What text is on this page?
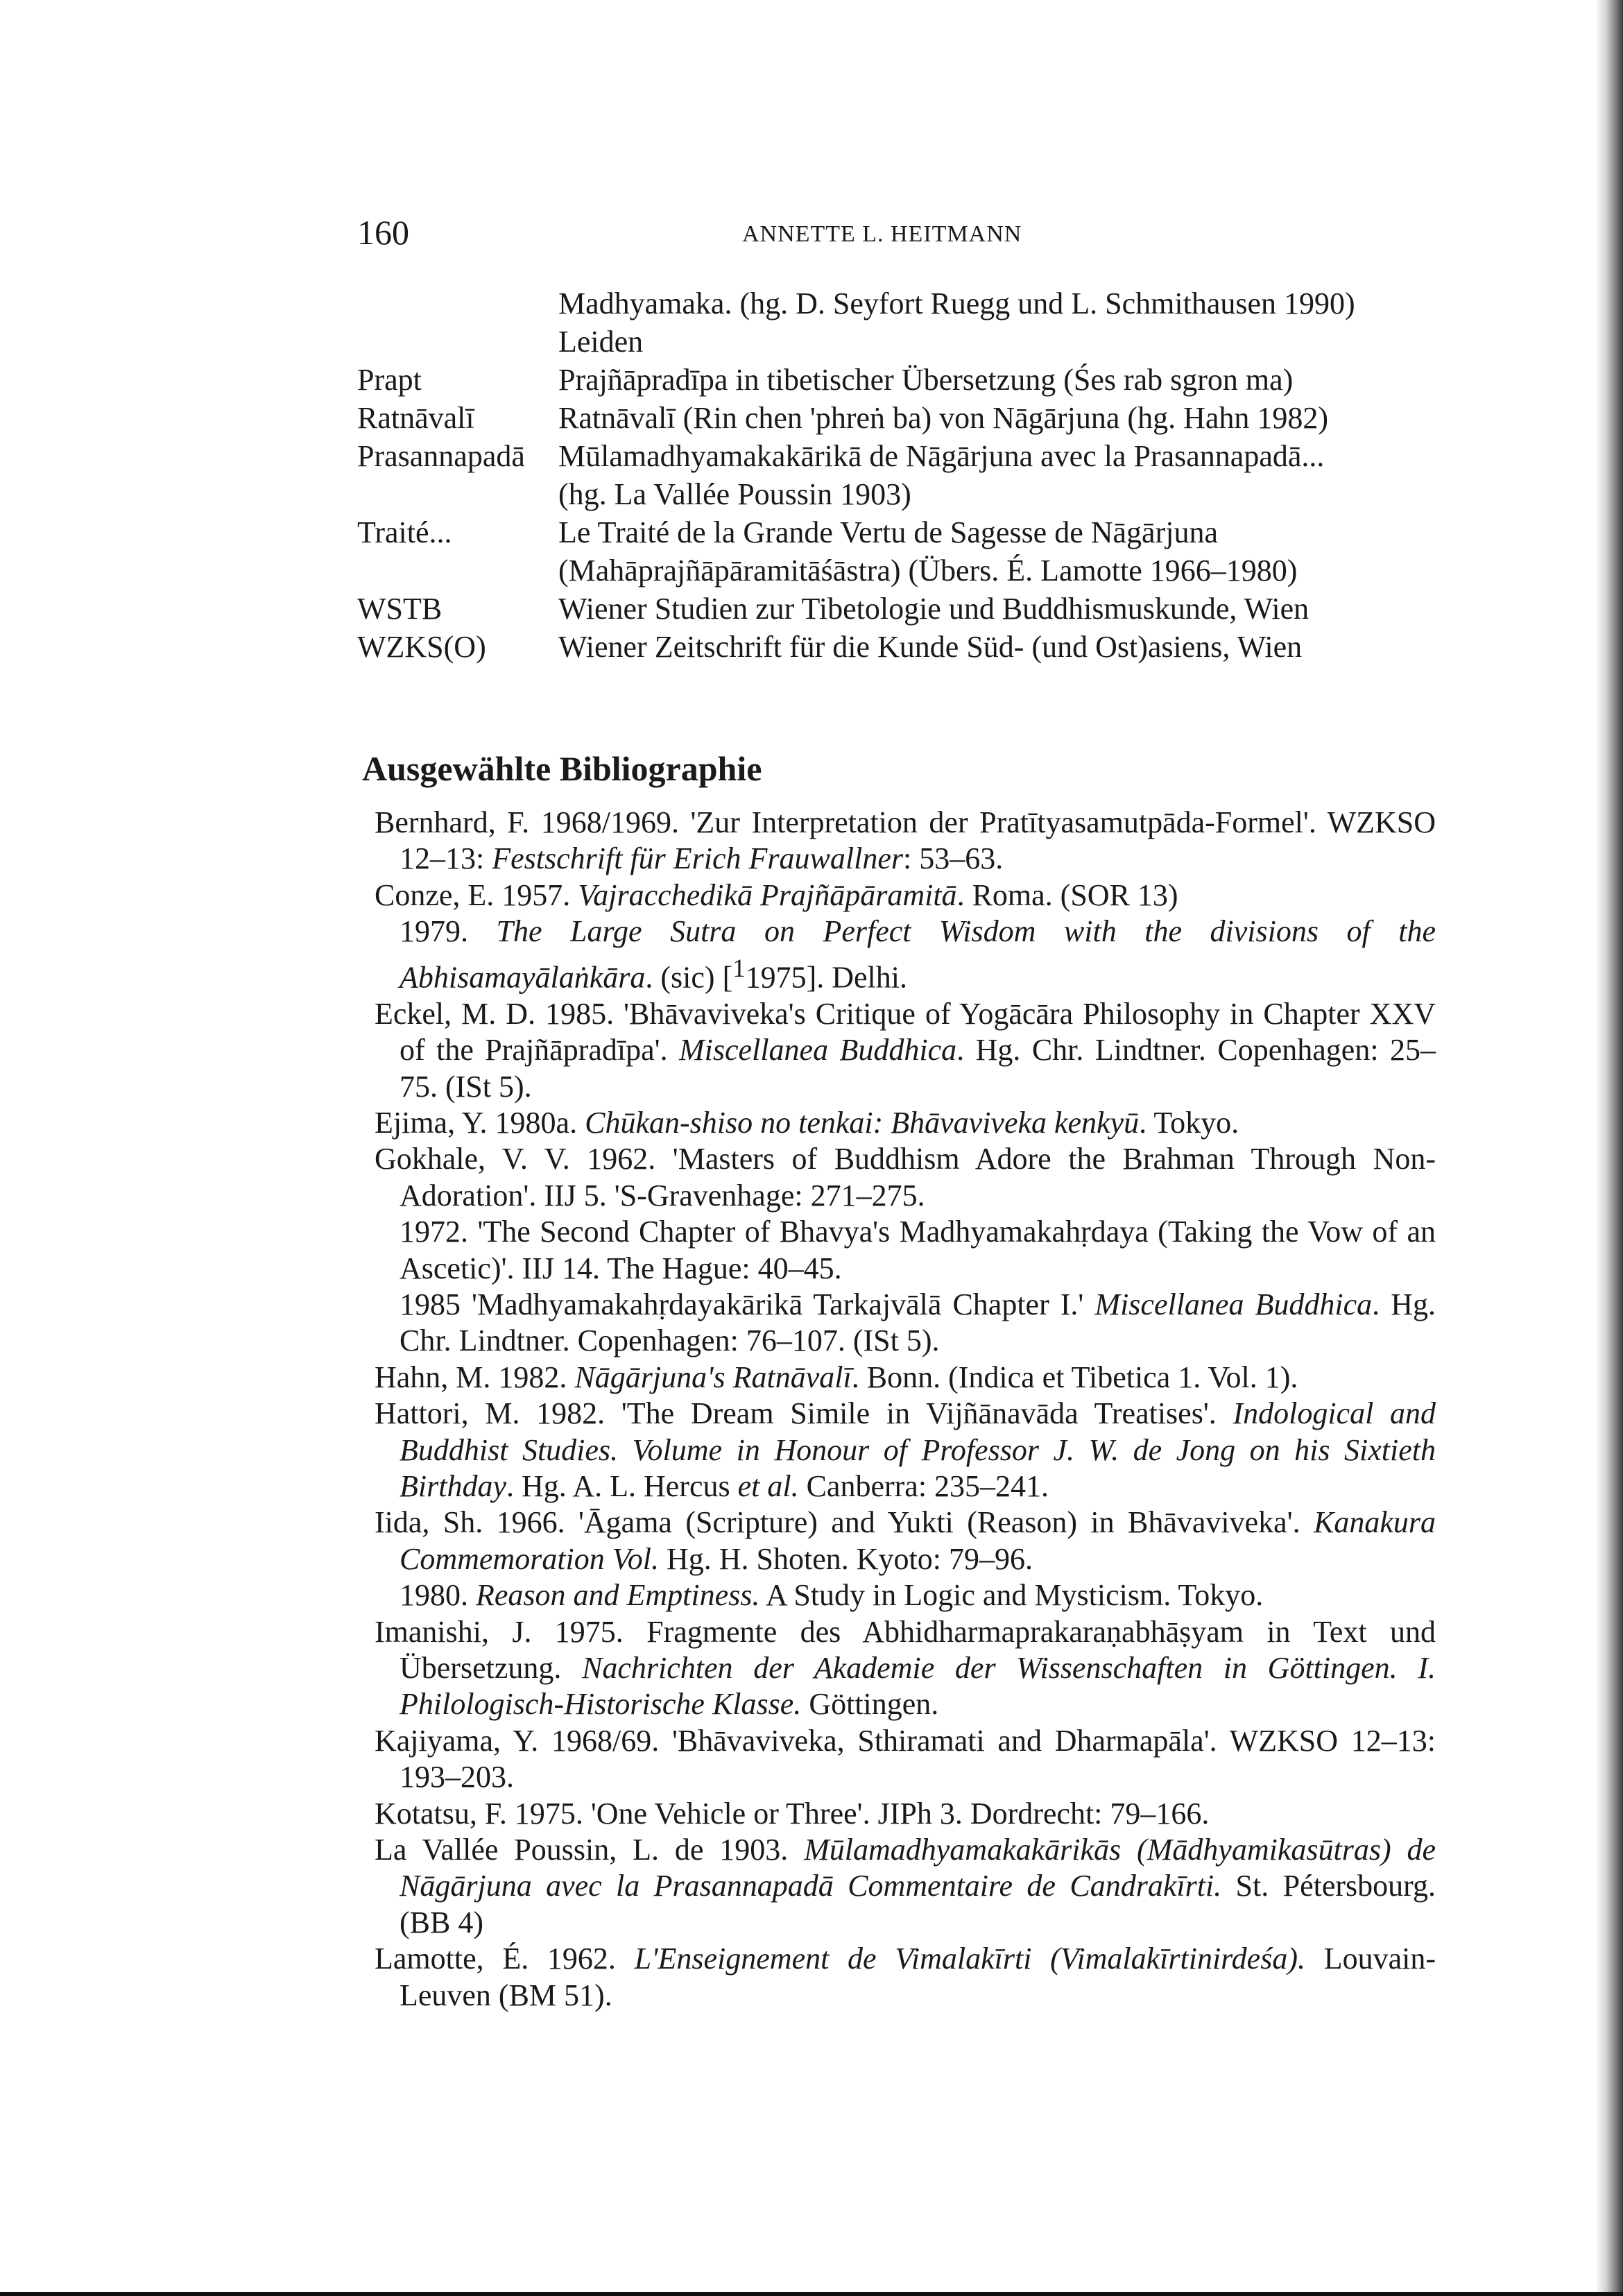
160	ANNETTE L. HEITMANN
Madhyamaka. (hg. D. Seyfort Ruegg und L. Schmithausen 1990)
Leiden
Prapt	Prajñāpradīpa in tibetischer Übersetzung (Śes rab sgron ma)
Ratnāvalī	Ratnāvalī (Rin chen 'phreṅ ba) von Nāgārjuna (hg. Hahn 1982)
Prasannapadā	Mūlamadhyamakakārikā de Nāgārjuna avec la Prasannapadā...
(hg. La Vallée Poussin 1903)
Traité...	Le Traité de la Grande Vertu de Sagesse de Nāgārjuna
(Mahāprajñāpāramitāśāstra) (Übers. É. Lamotte 1966–1980)
WSTB	Wiener Studien zur Tibetologie und Buddhismuskunde, Wien
WZKS(O)	Wiener Zeitschrift für die Kunde Süd- (und Ost)asiens, Wien
Ausgewählte Bibliographie
Bernhard, F. 1968/1969. 'Zur Interpretation der Pratītyasamutpāda-Formel'. WZKSO 12–13: Festschrift für Erich Frauwallner: 53–63.
Conze, E. 1957. Vajracchedikā Prajñāpāramitā. Roma. (SOR 13)
1979. The Large Sutra on Perfect Wisdom with the divisions of the Abhisamayālaṅkāra. (sic) [$^1$1975]. Delhi.
Eckel, M. D. 1985. 'Bhāvaviveka's Critique of Yogācāra Philosophy in Chapter XXV of the Prajñāpradīpa'. Miscellanea Buddhica. Hg. Chr. Lindtner. Copenhagen: 25–75. (ISt 5).
Ejima, Y. 1980a. Chūkan-shiso no tenkai: Bhāvaviveka kenkyū. Tokyo.
Gokhale, V. V. 1962. 'Masters of Buddhism Adore the Brahman Through Non-Adoration'. IIJ 5. 'S-Gravenhage: 271–275.
1972. 'The Second Chapter of Bhavya's Madhyamakahṛdaya (Taking the Vow of an Ascetic)'. IIJ 14. The Hague: 40–45.
1985 'Madhyamakahṛdayakārikā Tarkajvālā Chapter I.' Miscellanea Buddhica. Hg. Chr. Lindtner. Copenhagen: 76–107. (ISt 5).
Hahn, M. 1982. Nāgārjuna's Ratnāvalī. Bonn. (Indica et Tibetica 1. Vol. 1).
Hattori, M. 1982. 'The Dream Simile in Vijñānavāda Treatises'. Indological and Buddhist Studies. Volume in Honour of Professor J. W. de Jong on his Sixtieth Birthday. Hg. A. L. Hercus et al. Canberra: 235–241.
Iida, Sh. 1966. 'Āgama (Scripture) and Yukti (Reason) in Bhāvaviveka'. Kanakura Commemoration Vol. Hg. H. Shoten. Kyoto: 79–96.
1980. Reason and Emptiness. A Study in Logic and Mysticism. Tokyo.
Imanishi, J. 1975. Fragmente des Abhidharmaprakaraṇabhāṣyam in Text und Übersetzung. Nachrichten der Akademie der Wissenschaften in Göttingen. I. Philologisch-Historische Klasse. Göttingen.
Kajiyama, Y. 1968/69. 'Bhāvaviveka, Sthiramati and Dharmapāla'. WZKSO 12–13: 193–203.
Kotatsu, F. 1975. 'One Vehicle or Three'. JIPh 3. Dordrecht: 79–166.
La Vallée Poussin, L. de 1903. Mūlamadhyamakakārikās (Mādhyamikasūtras) de Nāgārjuna avec la Prasannapadā Commentaire de Candrakīrti. St. Pétersbourg. (BB 4)
Lamotte, É. 1962. L'Enseignement de Vimalakīrti (Vimalakīrtinirdeśa). Louvain-Leuven (BM 51).
